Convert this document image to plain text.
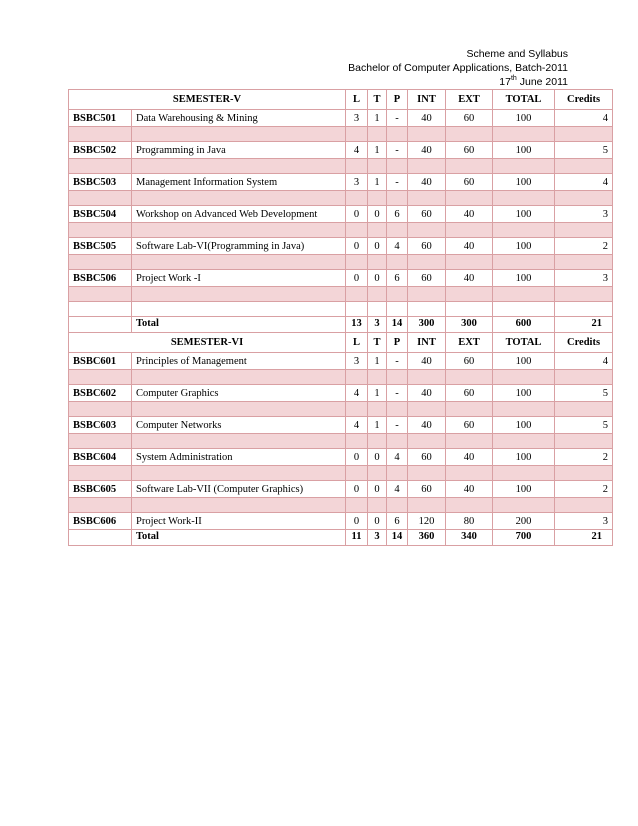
Scheme and Syllabus
Bachelor of Computer Applications, Batch-2011
17th June 2011
SEMESTER-V		L	T	P	INT	EXT	TOTAL	Credits
BSBC501	Data Warehousing & Mining	3	1	-	40	60	100	4

BSBC502	Programming in Java	4	1	-	40	60	100	5

BSBC503	Management Information System	3	1	-	40	60	100	4

BSBC504	Workshop on Advanced Web Development	0	0	6	60	40	100	3

BSBC505	Software Lab-VI(Programming in Java)	0	0	4	60	40	100	2

BSBC506	Project Work -I	0	0	6	60	40	100	3

	Total	13	3	14	300	300	600	21
SEMESTER-VI		L	T	P	INT	EXT	TOTAL	Credits
BSBC601	Principles of Management	3	1	-	40	60	100	4

BSBC602	Computer Graphics	4	1	-	40	60	100	5

BSBC603	Computer Networks	4	1	-	40	60	100	5

BSBC604	System Administration	0	0	4	60	40	100	2

BSBC605	Software Lab-VII (Computer Graphics)	0	0	4	60	40	100	2

BSBC606	Project Work-II	0	0	6	120	80	200	3
	Total	11	3	14	360	340	700	21
